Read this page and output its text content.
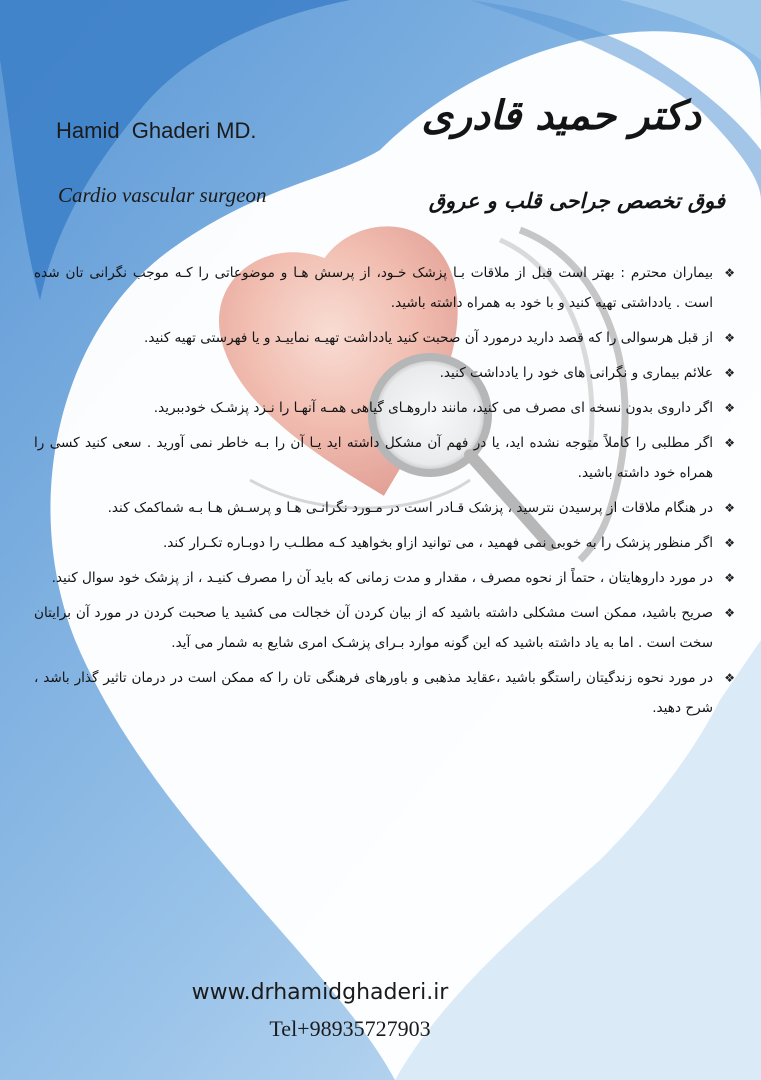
Hamid  Ghaderi MD.
Cardio vascular surgeon
دکتر حمید قادری
فوق تخصص جراحی قلب و عروق
❖
بیماران محترم : بهتر است قبل از ملاقات بـا پزشک خـود، از پرسش هـا و موضوعاتی را کـه موجب نگرانی تان شده است . یادداشتی تهیه کنید و با خود به همراه داشته باشید.
❖
از قبل هرسوالی را که قصد دارید درمورد آن صحبت کنید یادداشت تهیـه نماییـد و یا فهرستی تهیه کنید.
❖
علائم بیماری و نگرانی های خود را یادداشت کنید.
❖
اگر داروی بدون نسخه ای مصرف می کنید، مانند داروهـای گیاهی همـه آنهـا را نـزد پزشـک خودببرید.
❖
اگر مطلبی را کاملاً متوجه نشده اید، یا در فهم آن مشکل داشته اید یـا آن را بـه خاطر نمی آورید . سعی کنید کسی را همراه خود داشته باشید.
❖
در هنگام ملاقات از پرسیدن نترسید ، پزشک قـادر است در مـورد نگرانـی هـا و پرسـش هـا بـه شماکمک کند.
❖
اگر منظور پزشک را به خوبی نمی فهمید ، می توانید ازاو بخواهید کـه مطلـب را دوبـاره تکـرار کند.
❖
در مورد داروهایتان ، حتماً از نحوه مصرف ، مقدار و مدت زمانی که باید آن را مصرف کنیـد ، از پزشک خود سوال کنید.
❖
صریح باشید، ممکن است مشکلی داشته باشید که از بیان کردن آن خجالت می کشید یا صحبت کردن در مورد آن برایتان سخت است . اما به یاد داشته باشید که این گونه موارد بـرای پزشـک امری شایع به شمار می آید.
❖
در مورد نحوه زندگیتان راستگو باشید ،عقاید مذهبی و باورهای فرهنگی تان را که ممکن است در درمان تاثیر گذار باشد ، شرح دهید.
www.drhamidghaderi.ir
Tel+98935727903
